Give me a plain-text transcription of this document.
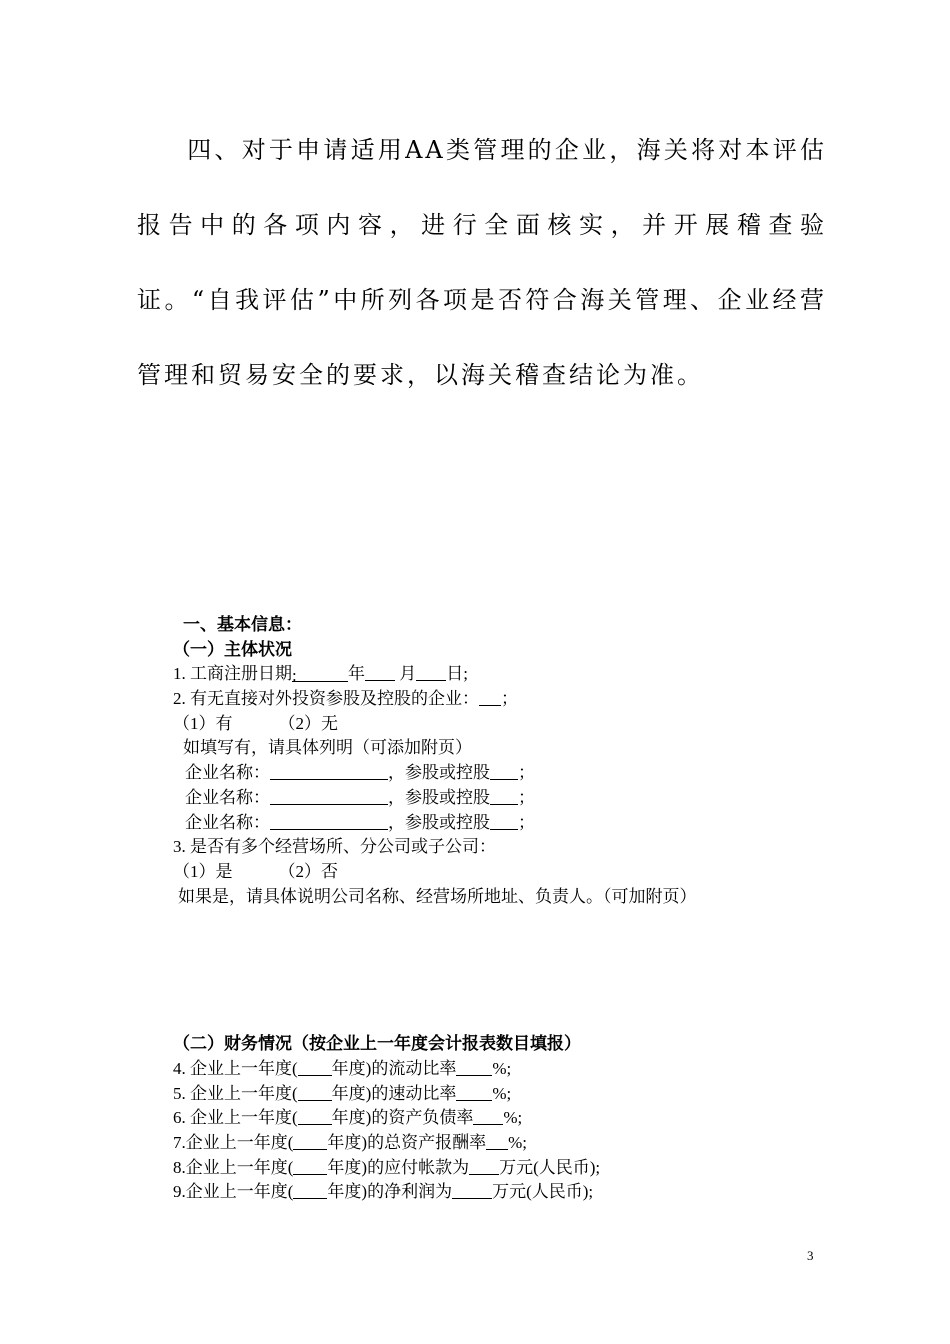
四、对于申请适用AA类管理的企业，海关将对本评估报告中的各项内容，进行全面核实，并开展稽查验证。“自我评估”中所列各项是否符合海关管理、企业经营管理和贸易安全的要求，以海关稽查结论为准。

一、基本信息：
（一）主体状况
1. 工商注册日期:	年 月 日;
2. 有无直接对外投资参股及控股的企业： ；
（1）有	（2）无
如填写有，请具体列明（可添加附页）
企业名称：	，参股或控股 ；
企业名称：	，参股或控股 ；
企业名称：	，参股或控股 ；
3. 是否有多个经营场所、分公司或子公司：
（1）是	（2）否
如果是，请具体说明公司名称、经营场所地址、负责人。（可加附页）
（二）财务情况（按企业上一年度会计报表数目填报）
4. 企业上一年度( 年度)的流动比率 %;
5. 企业上一年度( 年度)的速动比率 %;
6. 企业上一年度( 年度)的资产负债率 %;
7.企业上一年度( 年度)的总资产报酬率 %;
8.企业上一年度( 年度)的应付帐款为 万元(人民币);
9.企业上一年度( 年度)的净利润为 万元(人民币);
3
